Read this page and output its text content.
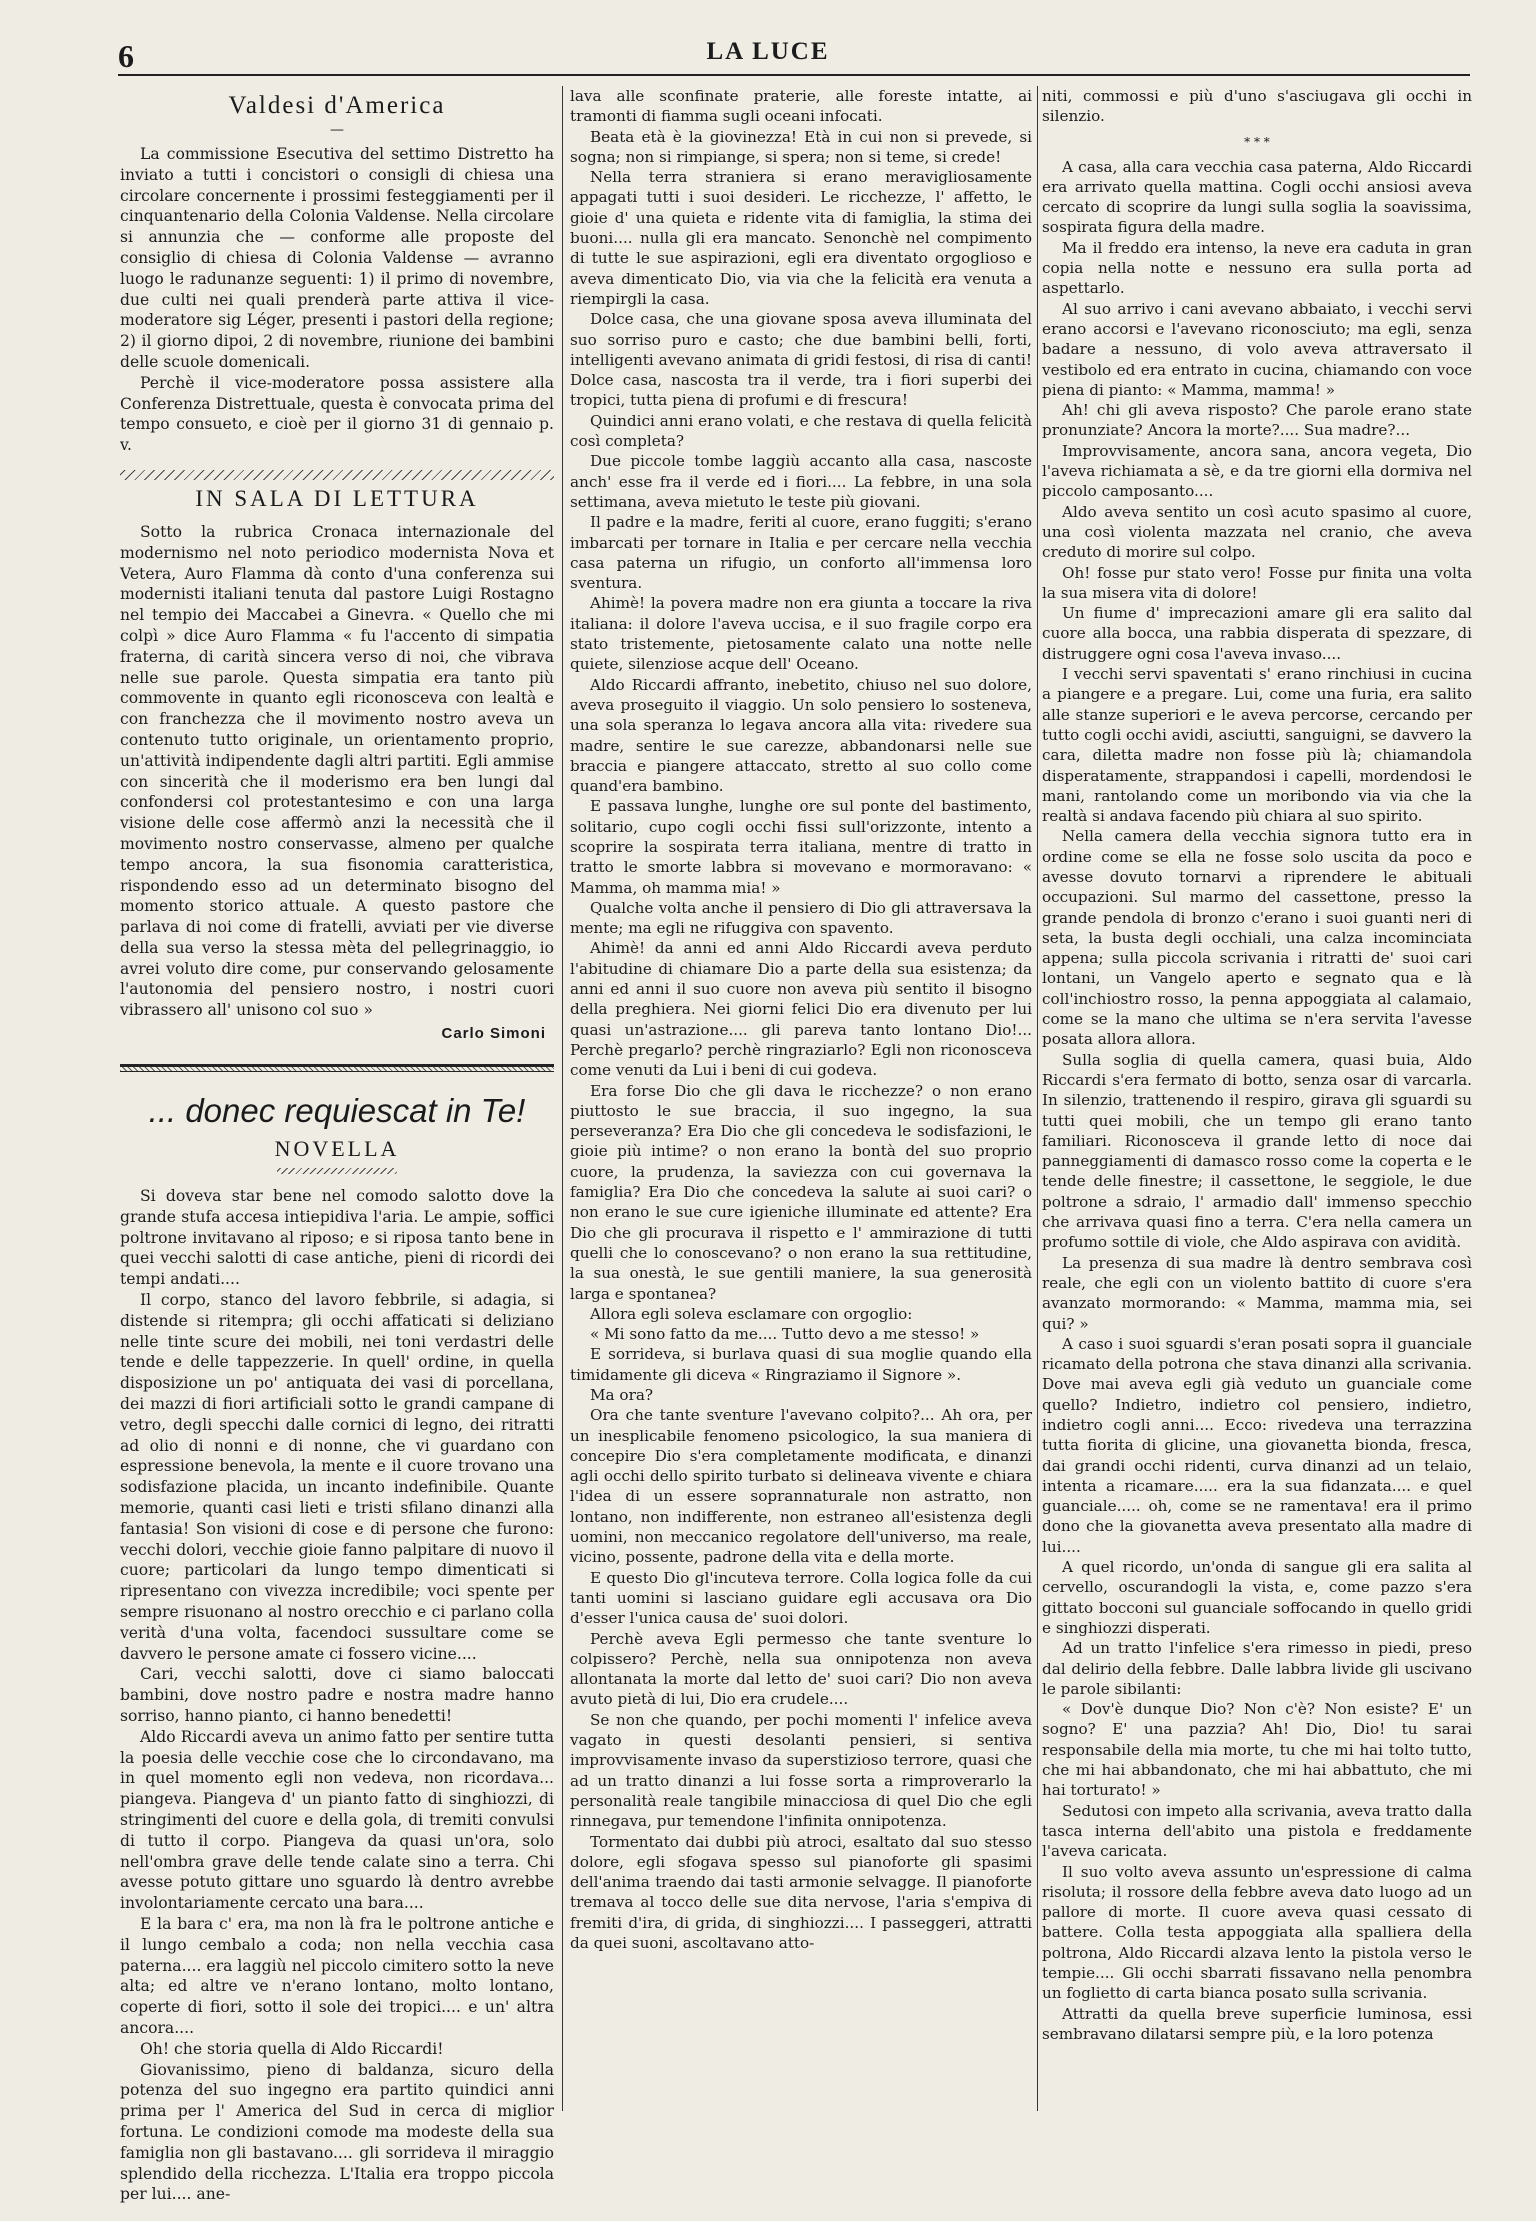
6	LA LUCE
Valdesi d'America
—

La commissione Esecutiva del settimo Distretto ha inviato a tutti i concistori o consigli di chiesa una circolare concernente i prossimi festeggiamenti per il cinquantenario della Colonia Valdense. Nella circolare si annunzia che — conforme alle proposte del consiglio di chiesa di Colonia Valdense — avranno luogo le radunanze seguenti: 1) il primo di novembre, due culti nei quali prenderà parte attiva il vice-moderatore sig Léger, presenti i pastori della regione; 2) il giorno dipoi, 2 di novembre, riunione dei bambini delle scuole domenicali.

Perchè il vice-moderatore possa assistere alla Conferenza Distrettuale, questa è convocata prima del tempo consueto, e cioè per il giorno 31 di gennaio p. v.

IN SALA DI LETTURA

Sotto la rubrica Cronaca internazionale del modernismo nel noto periodico modernista Nova et Vetera, Auro Flamma dà conto d'una conferenza sui modernisti italiani tenuta dal pastore Luigi Rostagno nel tempio dei Maccabei a Ginevra. « Quello che mi colpì » dice Auro Flamma « fu l'accento di simpatia fraterna, di carità sincera verso di noi, che vibrava nelle sue parole. Questa simpatia era tanto più commovente in quanto egli riconosceva con lealtà e con franchezza che il movimento nostro aveva un contenuto tutto originale, un orientamento proprio, un'attività indipendente dagli altri partiti. Egli ammise con sincerità che il moderismo era ben lungi dal confondersi col protestantesimo e con una larga visione delle cose affermò anzi la necessità che il movimento nostro conservasse, almeno per qualche tempo ancora, la sua fisonomia caratteristica, rispondendo esso ad un determinato bisogno del momento storico attuale. A questo pastore che parlava di noi come di fratelli, avviati per vie diverse della sua verso la stessa mèta del pellegrinaggio, io avrei voluto dire come, pur conservando gelosamente l'autonomia del pensiero nostro, i nostri cuori vibrassero all' unisono col suo »

Carlo Simoni
... donec requiescat in Te!
NOVELLA

Si doveva star bene nel comodo salotto dove la grande stufa accesa intiepidiva l'aria. Le ampie, soffici poltrone invitavano al riposo; e si riposa tanto bene in quei vecchi salotti di case antiche, pieni di ricordi dei tempi andati....

Il corpo, stanco del lavoro febbrile, si adagia, si distende si ritempra; gli occhi affaticati si deliziano nelle tinte scure dei mobili, nei toni verdastri delle tende e delle tappezzerie. In quell' ordine, in quella disposizione un po' antiquata dei vasi di porcellana, dei mazzi di fiori artificiali sotto le grandi campane di vetro, degli specchi dalle cornici di legno, dei ritratti ad olio di nonni e di nonne, che vi guardano con espressione benevola, la mente e il cuore trovano una sodisfazione placida, un incanto indefinibile. Quante memorie, quanti casi lieti e tristi sfilano dinanzi alla fantasia! Son visioni di cose e di persone che furono: vecchi dolori, vecchie gioie fanno palpitare di nuovo il cuore; particolari da lungo tempo dimenticati si ripresentano con vivezza incredibile; voci spente per sempre risuonano al nostro orecchio e ci parlano colla verità d'una volta, facendoci sussultare come se davvero le persone amate ci fossero vicine....

Cari, vecchi salotti, dove ci siamo baloccati bambini, dove nostro padre e nostra madre hanno sorriso, hanno pianto, ci hanno benedetti!

Aldo Riccardi aveva un animo fatto per sentire tutta la poesia delle vecchie cose che lo circondavano, ma in quel momento egli non vedeva, non ricordava... piangeva. Piangeva d' un pianto fatto di singhiozzi, di stringimenti del cuore e della gola, di tremiti convulsi di tutto il corpo. Piangeva da quasi un'ora, solo nell'ombra grave delle tende calate sino a terra. Chi avesse potuto gittare uno sguardo là dentro avrebbe involontariamente cercato una bara....

E la bara c' era, ma non là fra le poltrone antiche e il lungo cembalo a coda; non nella vecchia casa paterna.... era laggiù nel piccolo cimitero sotto la neve alta; ed altre ve n'erano lontano, molto lontano, coperte di fiori, sotto il sole dei tropici.... e un' altra ancora....

Oh! che storia quella di Aldo Riccardi!

Giovanissimo, pieno di baldanza, sicuro della potenza del suo ingegno era partito quindici anni prima per l' America del Sud in cerca di miglior fortuna. Le condizioni comode ma modeste della sua famiglia non gli bastavano.... gli sorrideva il miraggio splendido della ricchezza. L'Italia era troppo piccola per lui.... ane-

lava alle sconfinate praterie, alle foreste intatte, ai tramonti di fiamma sugli oceani infocati.

Beata età è la giovinezza! Età in cui non si prevede, si sogna; non si rimpiange, si spera; non si teme, si crede!

Nella terra straniera si erano meravigliosamente appagati tutti i suoi desideri. Le ricchezze, l' affetto, le gioie d' una quieta e ridente vita di famiglia, la stima dei buoni.... nulla gli era mancato. Senonchè nel compimento di tutte le sue aspirazioni, egli era diventato orgoglioso e aveva dimenticato Dio, via via che la felicità era venuta a riempirgli la casa.

Dolce casa, che una giovane sposa aveva illuminata del suo sorriso puro e casto; che due bambini belli, forti, intelligenti avevano animata di gridi festosi, di risa di canti! Dolce casa, nascosta tra il verde, tra i fiori superbi dei tropici, tutta piena di profumi e di frescura!

Quindici anni erano volati, e che restava di quella felicità così completa?

Due piccole tombe laggiù accanto alla casa, nascoste anch' esse fra il verde ed i fiori.... La febbre, in una sola settimana, aveva mietuto le teste più giovani.

Il padre e la madre, feriti al cuore, erano fuggiti; s'erano imbarcati per tornare in Italia e per cercare nella vecchia casa paterna un rifugio, un conforto all'immensa loro sventura.

Ahimè! la povera madre non era giunta a toccare la riva italiana: il dolore l'aveva uccisa, e il suo fragile corpo era stato tristemente, pietosamente calato una notte nelle quiete, silenziose acque dell' Oceano.

Aldo Riccardi affranto, inebetito, chiuso nel suo dolore, aveva proseguito il viaggio. Un solo pensiero lo sosteneva, una sola speranza lo legava ancora alla vita: rivedere sua madre, sentire le sue carezze, abbandonarsi nelle sue braccia e piangere attaccato, stretto al suo collo come quand'era bambino.

E passava lunghe, lunghe ore sul ponte del bastimento, solitario, cupo cogli occhi fissi sull'orizzonte, intento a scoprire la sospirata terra italiana, mentre di tratto in tratto le smorte labbra si movevano e mormoravano: « Mamma, oh mamma mia! »

Qualche volta anche il pensiero di Dio gli attraversava la mente; ma egli ne rifuggiva con spavento.

Ahimè! da anni ed anni Aldo Riccardi aveva perduto l'abitudine di chiamare Dio a parte della sua esistenza; da anni ed anni il suo cuore non aveva più sentito il bisogno della preghiera. Nei giorni felici Dio era divenuto per lui quasi un'astrazione.... gli pareva tanto lontano Dio!... Perchè pregarlo? perchè ringraziarlo? Egli non riconosceva come venuti da Lui i beni di cui godeva.

Era forse Dio che gli dava le ricchezze? o non erano piuttosto le sue braccia, il suo ingegno, la sua perseveranza? Era Dio che gli concedeva le sodisfazioni, le gioie più intime? o non erano la bontà del suo proprio cuore, la prudenza, la saviezza con cui governava la famiglia? Era Dio che concedeva la salute ai suoi cari? o non erano le sue cure igieniche illuminate ed attente? Era Dio che gli procurava il rispetto e l' ammirazione di tutti quelli che lo conoscevano? o non erano la sua rettitudine, la sua onestà, le sue gentili maniere, la sua generosità larga e spontanea?

Allora egli soleva esclamare con orgoglio:

« Mi sono fatto da me.... Tutto devo a me stesso! »

E sorrideva, si burlava quasi di sua moglie quando ella timidamente gli diceva « Ringraziamo il Signore ».

Ma ora?

Ora che tante sventure l'avevano colpito?... Ah ora, per un inesplicabile fenomeno psicologico, la sua maniera di concepire Dio s'era completamente modificata, e dinanzi agli occhi dello spirito turbato si delineava vivente e chiara l'idea di un essere soprannaturale non astratto, non lontano, non indifferente, non estraneo all'esistenza degli uomini, non meccanico regolatore dell'universo, ma reale, vicino, possente, padrone della vita e della morte.

E questo Dio gl'incuteva terrore. Colla logica folle da cui tanti uomini si lasciano guidare egli accusava ora Dio d'esser l'unica causa de' suoi dolori.

Perchè aveva Egli permesso che tante sventure lo colpissero? Perchè, nella sua onnipotenza non aveva allontanata la morte dal letto de' suoi cari? Dio non aveva avuto pietà di lui, Dio era crudele....

Se non che quando, per pochi momenti l' infelice aveva vagato in questi desolanti pensieri, si sentiva improvvisamente invaso da superstizioso terrore, quasi che ad un tratto dinanzi a lui fosse sorta a rimproverarlo la personalità reale tangibile minacciosa di quel Dio che egli rinnegava, pur temendone l'infinita onnipotenza.

Tormentato dai dubbi più atroci, esaltato dal suo stesso dolore, egli sfogava spesso sul pianoforte gli spasimi dell'anima traendo dai tasti armonie selvagge. Il pianoforte tremava al tocco delle sue dita nervose, l'aria s'empiva di fremiti d'ira, di grida, di singhiozzi.... I passeggeri, attratti da quei suoni, ascoltavano atto-

niti, commossi e più d'uno s'asciugava gli occhi in silenzio.

* * *

A casa, alla cara vecchia casa paterna, Aldo Riccardi era arrivato quella mattina. Cogli occhi ansiosi aveva cercato di scoprire da lungi sulla soglia la soavissima, sospirata figura della madre.

Ma il freddo era intenso, la neve era caduta in gran copia nella notte e nessuno era sulla porta ad aspettarlo.

Al suo arrivo i cani avevano abbaiato, i vecchi servi erano accorsi e l'avevano riconosciuto; ma egli, senza badare a nessuno, di volo aveva attraversato il vestibolo ed era entrato in cucina, chiamando con voce piena di pianto: « Mamma, mamma! »

Ah! chi gli aveva risposto? Che parole erano state pronunziate? Ancora la morte?.... Sua madre?...

Improvvisamente, ancora sana, ancora vegeta, Dio l'aveva richiamata a sè, e da tre giorni ella dormiva nel piccolo camposanto....

Aldo aveva sentito un così acuto spasimo al cuore, una così violenta mazzata nel cranio, che aveva creduto di morire sul colpo.

Oh! fosse pur stato vero! Fosse pur finita una volta la sua misera vita di dolore!

Un fiume d' imprecazioni amare gli era salito dal cuore alla bocca, una rabbia disperata di spezzare, di distruggere ogni cosa l'aveva invaso....

I vecchi servi spaventati s' erano rinchiusi in cucina a piangere e a pregare. Lui, come una furia, era salito alle stanze superiori e le aveva percorse, cercando per tutto cogli occhi avidi, asciutti, sanguigni, se davvero la cara, diletta madre non fosse più là; chiamandola disperatamente, strappandosi i capelli, mordendosi le mani, rantolando come un moribondo via via che la realtà si andava facendo più chiara al suo spirito.

Nella camera della vecchia signora tutto era in ordine come se ella ne fosse solo uscita da poco e avesse dovuto tornarvi a riprendere le abituali occupazioni. Sul marmo del cassettone, presso la grande pendola di bronzo c'erano i suoi guanti neri di seta, la busta degli occhiali, una calza incominciata appena; sulla piccola scrivania i ritratti de' suoi cari lontani, un Vangelo aperto e segnato qua e là coll'inchiostro rosso, la penna appoggiata al calamaio, come se la mano che ultima se n'era servita l'avesse posata allora allora.

Sulla soglia di quella camera, quasi buia, Aldo Riccardi s'era fermato di botto, senza osar di varcarla. In silenzio, trattenendo il respiro, girava gli sguardi su tutti quei mobili, che un tempo gli erano tanto familiari. Riconosceva il grande letto di noce dai panneggiamenti di damasco rosso come la coperta e le tende delle finestre; il cassettone, le seggiole, le due poltrone a sdraio, l' armadio dall' immenso specchio che arrivava quasi fino a terra. C'era nella camera un profumo sottile di viole, che Aldo aspirava con avidità.

La presenza di sua madre là dentro sembrava così reale, che egli con un violento battito di cuore s'era avanzato mormorando: « Mamma, mamma mia, sei qui? »

A caso i suoi sguardi s'eran posati sopra il guanciale ricamato della potrona che stava dinanzi alla scrivania. Dove mai aveva egli già veduto un guanciale come quello? Indietro, indietro col pensiero, indietro, indietro cogli anni.... Ecco: rivedeva una terrazzina tutta fiorita di glicine, una giovanetta bionda, fresca, dai grandi occhi ridenti, curva dinanzi ad un telaio, intenta a ricamare..... era la sua fidanzata.... e quel guanciale..... oh, come se ne ramentava! era il primo dono che la giovanetta aveva presentato alla madre di lui....

A quel ricordo, un'onda di sangue gli era salita al cervello, oscurandogli la vista, e, come pazzo s'era gittato bocconi sul guanciale soffocando in quello gridi e singhiozzi disperati.

Ad un tratto l'infelice s'era rimesso in piedi, preso dal delirio della febbre. Dalle labbra livide gli uscivano le parole sibilanti:

« Dov'è dunque Dio? Non c'è? Non esiste? E' un sogno? E' una pazzia? Ah! Dio, Dio! tu sarai responsabile della mia morte, tu che mi hai tolto tutto, che mi hai abbandonato, che mi hai abbattuto, che mi hai torturato! »

Sedutosi con impeto alla scrivania, aveva tratto dalla tasca interna dell'abito una pistola e freddamente l'aveva caricata.

Il suo volto aveva assunto un'espressione di calma risoluta; il rossore della febbre aveva dato luogo ad un pallore di morte. Il cuore aveva quasi cessato di battere. Colla testa appoggiata alla spalliera della poltrona, Aldo Riccardi alzava lento la pistola verso le tempie.... Gli occhi sbarrati fissavano nella penombra un foglietto di carta bianca posato sulla scrivania.

Attratti da quella breve superficie luminosa, essi sembravano dilatarsi sempre più, e la loro potenza
